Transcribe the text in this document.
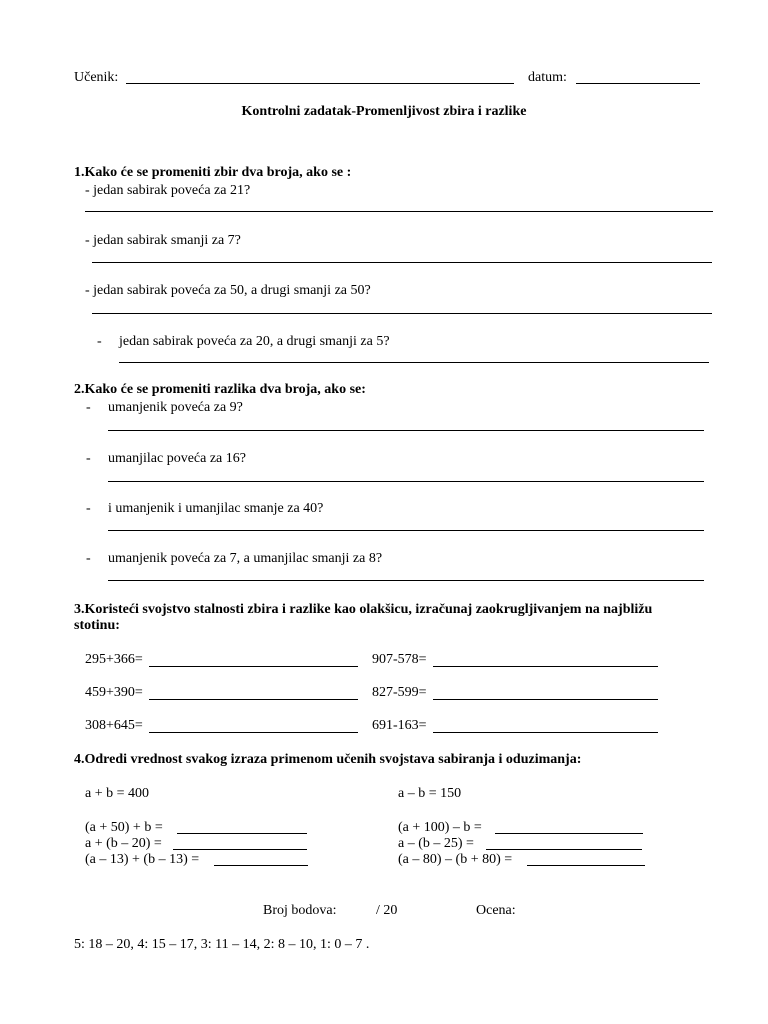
Učenik:	datum:
Kontrolni zadatak-Promenljivost zbira i razlike
1.Kako će se promeniti zbir dva broja, ako se :
- jedan sabirak poveća za 21?
- jedan sabirak smanji za 7?
- jedan sabirak poveća za 50, a drugi smanji za 50?
- jedan sabirak poveća za 20, a drugi smanji za 5?
2.Kako će se promeniti razlika dva broja, ako se:
- umanjenik poveća za 9?
- umanjilac poveća za 16?
- i umanjenik i umanjilac smanje za 40?
- umanjenik poveća za 7, a umanjilac smanji za 8?
3.Koristeći svojstvo stalnosti zbira i razlike kao olakšicu, izračunaj zaokrugljivanjem na najbližu
stotinu:
295+366=	907-578=
459+390=	827-599=
308+645=	691-163=
4.Odredi vrednost svakog izraza primenom učenih svojstava sabiranja i oduzimanja:
a + b = 400	a – b = 150
(a + 50) + b =	(a + 100) – b =
a + (b – 20) =	a – (b – 25) =
(a – 13) + (b – 13) =	(a – 80) – (b + 80) =
Broj bodova:	/ 20	Ocena:
5: 18 – 20, 4: 15 – 17, 3: 11 – 14, 2: 8 – 10, 1: 0 – 7 .
